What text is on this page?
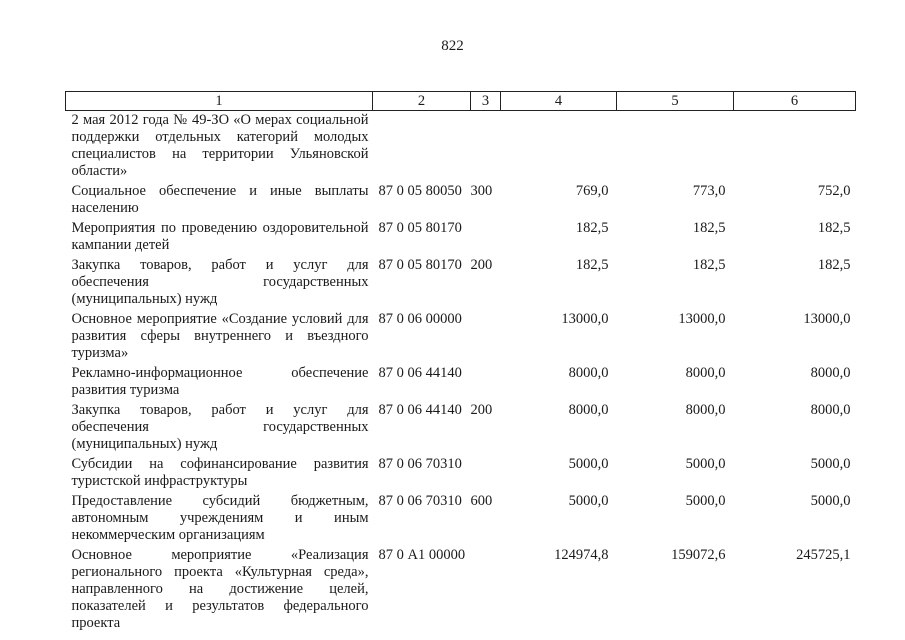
822
1	2	3	4	5	6
2 мая 2012 года № 49-ЗО «О мерах социальной поддержки отдельных категорий молодых специалистов на территории Ульяновской области»					
Социальное обеспечение и иные выплаты населению	87 0 05 80050	300	769,0	773,0	752,0
Мероприятия по проведению оздоровительной кампании детей	87 0 05 80170		182,5	182,5	182,5
Закупка товаров, работ и услуг для обеспечения государственных (муниципальных) нужд	87 0 05 80170	200	182,5	182,5	182,5
Основное мероприятие «Создание условий для развития сферы внутреннего и въездного туризма»	87 0 06 00000		13000,0	13000,0	13000,0
Рекламно-информационное обеспечение развития туризма	87 0 06 44140		8000,0	8000,0	8000,0
Закупка товаров, работ и услуг для обеспечения государственных (муниципальных) нужд	87 0 06 44140	200	8000,0	8000,0	8000,0
Субсидии на софинансирование развития туристской инфраструктуры	87 0 06 70310		5000,0	5000,0	5000,0
Предоставление субсидий бюджетным, автономным учреждениям и иным некоммерческим организациям	87 0 06 70310	600	5000,0	5000,0	5000,0
Основное мероприятие «Реализация регионального проекта «Культурная среда», направленного на достижение целей, показателей и результатов федерального проекта	87 0 А1 00000		124974,8	159072,6	245725,1
